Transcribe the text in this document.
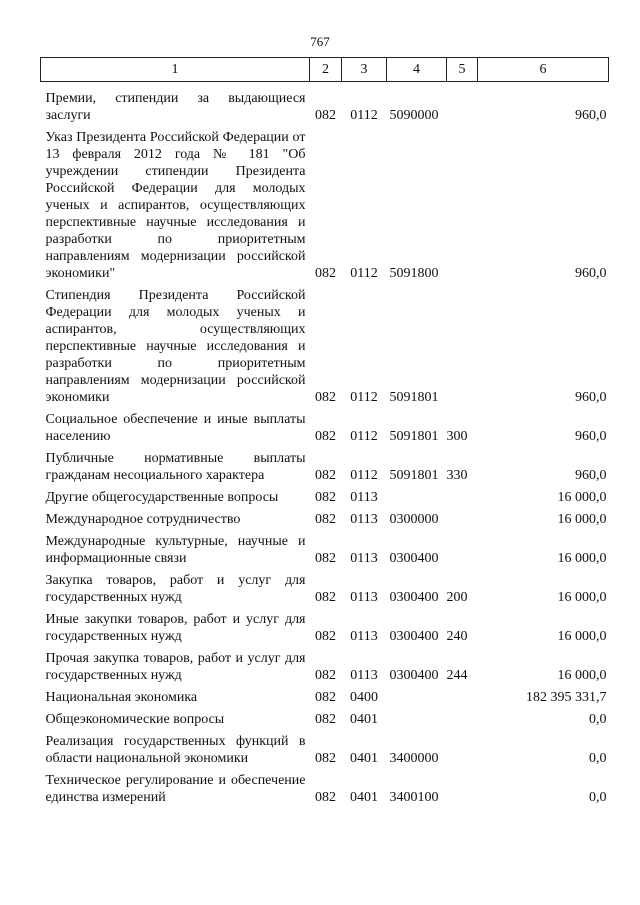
767
1	2	3	4	5	6
Премии, стипендии за выдающиеся заслуги	082	0112	5090000		960,0
Указ Президента Российской Федерации от 13 февраля 2012 года № 181 "Об учреждении стипендии Президента Российской Федерации для молодых ученых и аспирантов, осуществляющих перспективные научные исследования и разработки по приоритетным направлениям модернизации российской экономики"	082	0112	5091800		960,0
Стипендия Президента Российской Федерации для молодых ученых и аспирантов, осуществляющих перспективные научные исследования и разработки по приоритетным направлениям модернизации российской экономики	082	0112	5091801		960,0
Социальное обеспечение и иные выплаты населению	082	0112	5091801	300	960,0
Публичные нормативные выплаты гражданам несоциального характера	082	0112	5091801	330	960,0
Другие общегосударственные вопросы	082	0113			16 000,0
Международное сотрудничество	082	0113	0300000		16 000,0
Международные культурные, научные и информационные связи	082	0113	0300400		16 000,0
Закупка товаров, работ и услуг для государственных нужд	082	0113	0300400	200	16 000,0
Иные закупки товаров, работ и услуг для государственных нужд	082	0113	0300400	240	16 000,0
Прочая закупка товаров, работ и услуг для государственных нужд	082	0113	0300400	244	16 000,0
Национальная экономика	082	0400			182 395 331,7
Общеэкономические вопросы	082	0401			0,0
Реализация государственных функций в области национальной экономики	082	0401	3400000		0,0
Техническое регулирование и обеспечение единства измерений	082	0401	3400100		0,0
